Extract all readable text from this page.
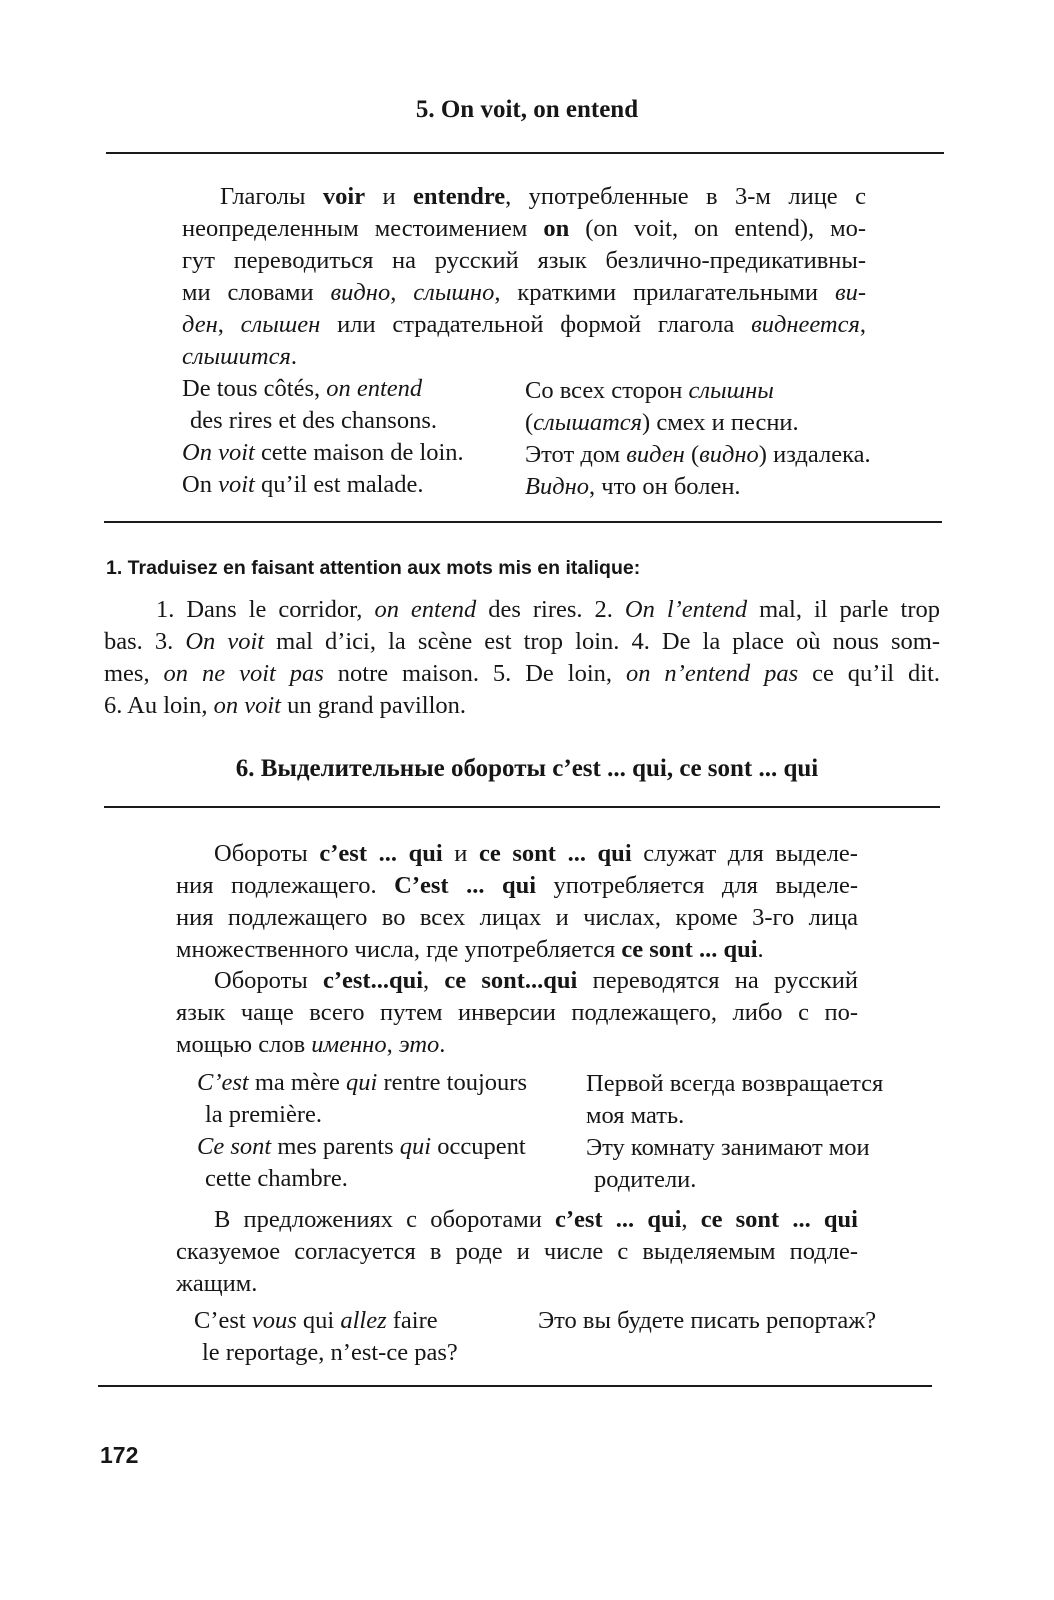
5. On voit, on entend
Глаголы voir и entendre, употребленные в 3-м лице с
неопределенным местоимением on (on voit, on entend), мо-
гут переводиться на русский язык безлично-предикативны-
ми словами видно, слышно, краткими прилагательными ви-
ден, слышен или страдательной формой глагола виднеется,
слышится.
De tous côtés, on entend
des rires et des chansons.
On voit cette maison de loin.
On voit qu’il est malade.
Со всех сторон слышны
(слышатся) смех и песни.
Этот дом виден (видно) издалека.
Видно, что он болен.
1. Traduisez en faisant attention aux mots mis en italique:
1. Dans le corridor, on entend des rires. 2. On l’entend mal, il parle trop
bas. 3. On voit mal d’ici, la scène est trop loin. 4. De la place où nous som-
mes, on ne voit pas notre maison. 5. De loin, on n’entend pas ce qu’il dit.
6. Au loin, on voit un grand pavillon.
6. Выделительные обороты c’est ... qui, ce sont ... qui
Обороты c’est ... qui и ce sont ... qui служат для выделе-
ния подлежащего. C’est ... qui употребляется для выделе-
ния подлежащего во всех лицах и числах, кроме 3-го лица
множественного числа, где употребляется ce sont ... qui.
Обороты c’est...qui, ce sont...qui переводятся на русский
язык чаще всего путем инверсии подлежащего, либо с по-
мощью слов именно, это.
C’est ma mère qui rentre toujours
la première.
Ce sont mes parents qui occupent
cette chambre.
Первой всегда возвращается
моя мать.
Эту комнату занимают мои
родители.
В предложениях с оборотами c’est ... qui, ce sont ... qui
сказуемое согласуется в роде и числе с выделяемым подле-
жащим.
C’est vous qui allez faire
le reportage, n’est-ce pas?
Это вы будете писать репортаж?
172
